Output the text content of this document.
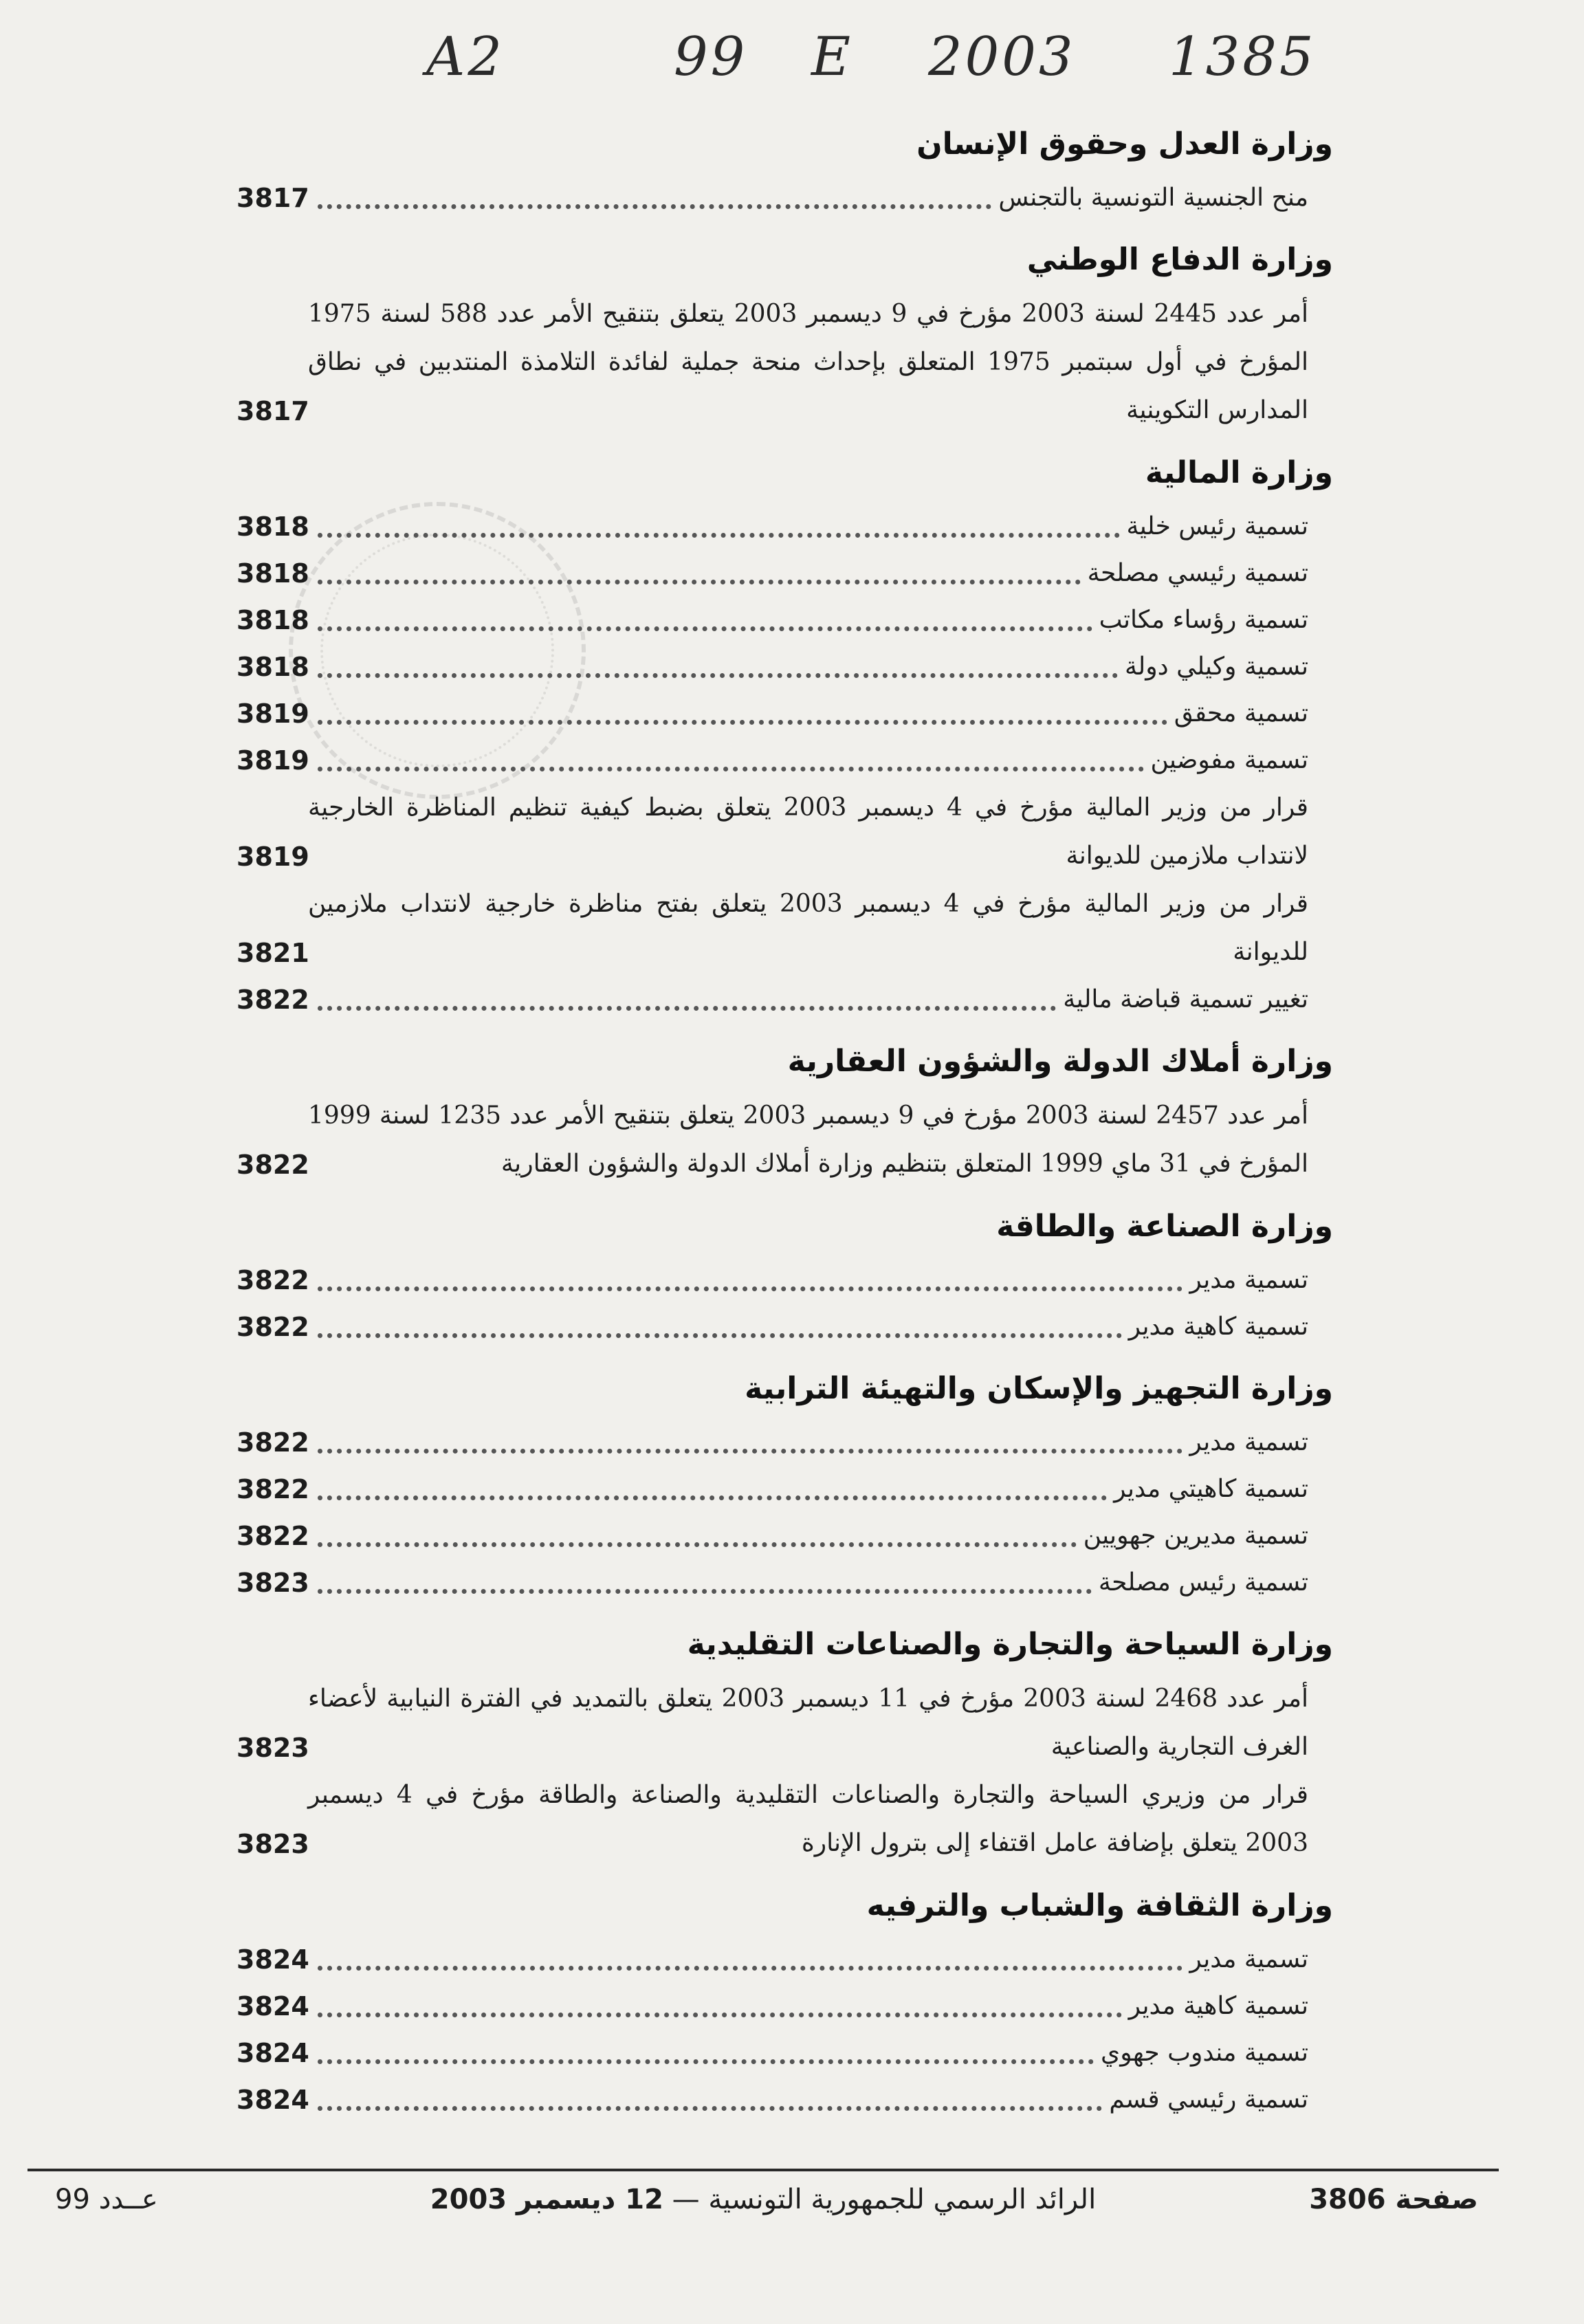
A2	99 E 2003 1385
وزارة العدل وحقوق الإنسان
منح الجنسية التونسية بالتجنس
3817
وزارة الدفاع الوطني
أمر عدد 2445 لسنة 2003 مؤرخ في 9 ديسمبر 2003 يتعلق بتنقيح الأمر عدد 588 لسنة 1975 المؤرخ في أول سبتمبر 1975 المتعلق بإحداث منحة جملية لفائدة التلامذة المنتدبين في نطاق المدارس التكوينية
3817
وزارة المالية
تسمية رئيس خلية
3818
تسمية رئيسي مصلحة
3818
تسمية رؤساء مكاتب
3818
تسمية وكيلي دولة
3818
تسمية محقق
3819
تسمية مفوضين
3819
قرار من وزير المالية مؤرخ في 4 ديسمبر 2003 يتعلق بضبط كيفية تنظيم المناظرة الخارجية لانتداب ملازمين للديوانة
3819
قرار من وزير المالية مؤرخ في 4 ديسمبر 2003 يتعلق بفتح مناظرة خارجية لانتداب ملازمين للديوانة
3821
تغيير تسمية قباضة مالية
3822
وزارة أملاك الدولة والشؤون العقارية
أمر عدد 2457 لسنة 2003 مؤرخ في 9 ديسمبر 2003 يتعلق بتنقيح الأمر عدد 1235 لسنة 1999 المؤرخ في 31 ماي 1999 المتعلق بتنظيم وزارة أملاك الدولة والشؤون العقارية
3822
وزارة الصناعة والطاقة
تسمية مدير
3822
تسمية كاهية مدير
3822
وزارة التجهيز والإسكان والتهيئة الترابية
تسمية مدير
3822
تسمية كاهيتي مدير
3822
تسمية مديرين جهويين
3822
تسمية رئيس مصلحة
3823
وزارة السياحة والتجارة والصناعات التقليدية
أمر عدد 2468 لسنة 2003 مؤرخ في 11 ديسمبر 2003 يتعلق بالتمديد في الفترة النيابية لأعضاء الغرف التجارية والصناعية
3823
قرار من وزيري السياحة والتجارة والصناعات التقليدية والصناعة والطاقة مؤرخ في 4 ديسمبر 2003 يتعلق بإضافة عامل اقتفاء إلى بترول الإنارة
3823
وزارة الثقافة والشباب والترفيه
تسمية مدير
3824
تسمية كاهية مدير
3824
تسمية مندوب جهوي
3824
تسمية رئيسي قسم
3824
صفحة 3806
الرائد الرسمي للجمهورية التونسية — 12 ديسمبر 2003
عــدد 99
